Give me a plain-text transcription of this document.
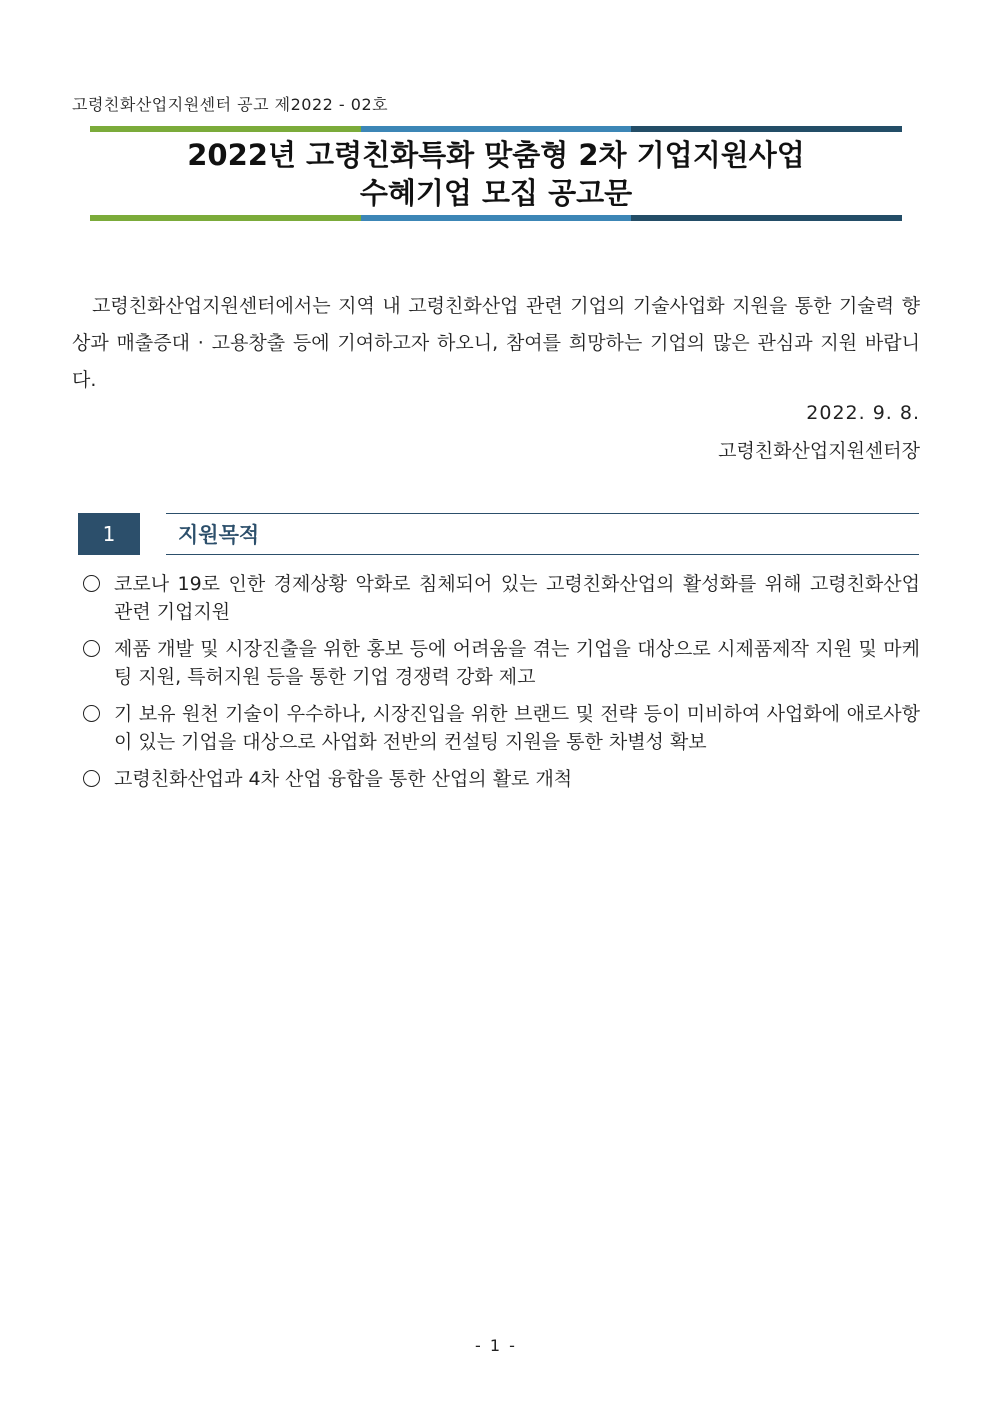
고령친화산업지원센터 공고 제2022 - 02호
2022년 고령친화특화 맞춤형 2차 기업지원사업
수혜기업 모집 공고문
고령친화산업지원센터에서는 지역 내 고령친화산업 관련 기업의 기술사업화 지원을 통한 기술력 향상과 매출증대 · 고용창출 등에 기여하고자 하오니, 참여를 희망하는 기업의 많은 관심과 지원 바랍니다.
2022. 9. 8.
고령친화산업지원센터장
1	지원목적
코로나 19로 인한 경제상황 악화로 침체되어 있는 고령친화산업의 활성화를 위해 고령친화산업 관련 기업지원
제품 개발 및 시장진출을 위한 홍보 등에 어려움을 겪는 기업을 대상으로 시제품제작 지원 및 마케팅 지원, 특허지원 등을 통한 기업 경쟁력 강화 제고
기 보유 원천 기술이 우수하나, 시장진입을 위한 브랜드 및 전략 등이 미비하여 사업화에 애로사항이 있는 기업을 대상으로 사업화 전반의 컨설팅 지원을 통한 차별성 확보
고령친화산업과 4차 산업 융합을 통한 산업의 활로 개척
- 1 -
